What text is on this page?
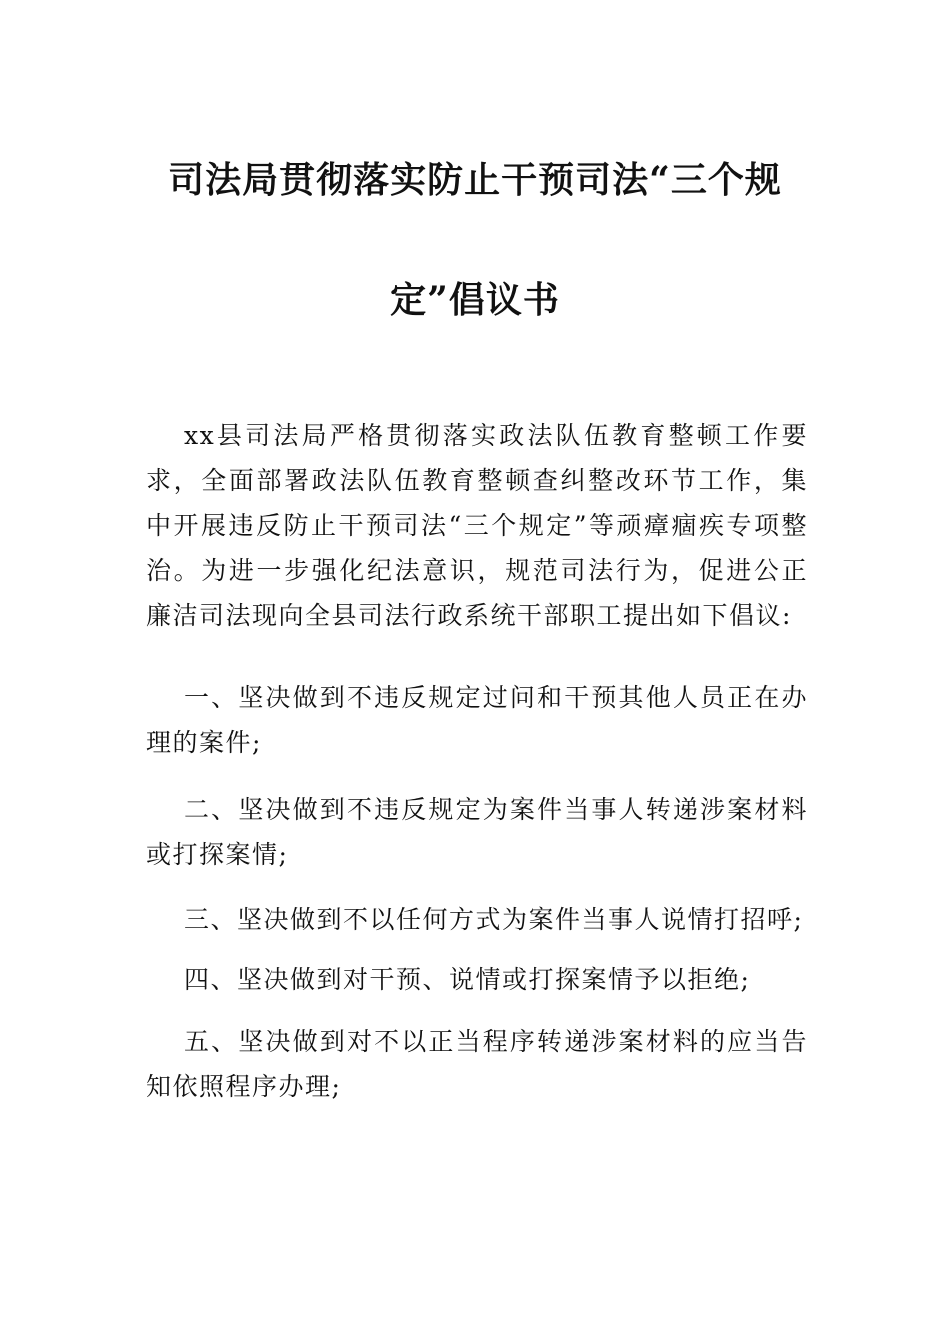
司法局贯彻落实防止干预司法“三个规
定”倡议书

xx县司法局严格贯彻落实政法队伍教育整顿工作要求，全面部署政法队伍教育整顿查纠整改环节工作，集中开展违反防止干预司法“三个规定”等顽瘴痼疾专项整治。为进一步强化纪法意识，规范司法行为，促进公正廉洁司法现向全县司法行政系统干部职工提出如下倡议:

一、坚决做到不违反规定过问和干预其他人员正在办理的案件;

二、坚决做到不违反规定为案件当事人转递涉案材料或打探案情;

三、坚决做到不以任何方式为案件当事人说情打招呼;

四、坚决做到对干预、说情或打探案情予以拒绝;

五、坚决做到对不以正当程序转递涉案材料的应当告知依照程序办理;
